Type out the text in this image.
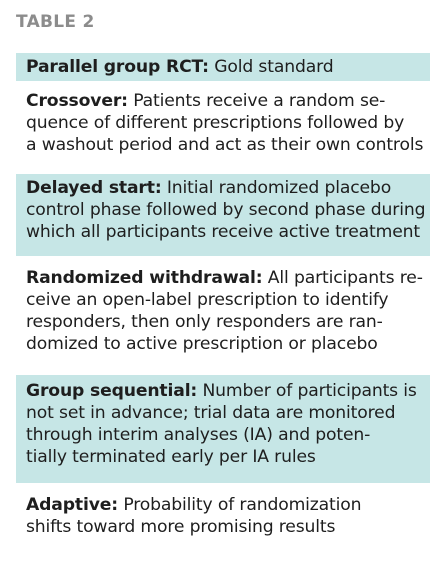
TABLE 2
Parallel group RCT: Gold standard
Crossover: Patients receive a random se-
quence of different prescriptions followed by
a washout period and act as their own controls
Delayed start: Initial randomized placebo
control phase followed by second phase during
which all participants receive active treatment
Randomized withdrawal: All participants re-
ceive an open-label prescription to identify
responders, then only responders are ran-
domized to active prescription or placebo
Group sequential: Number of participants is
not set in advance; trial data are monitored
through interim analyses (IA) and poten-
tially terminated early per IA rules
Adaptive: Probability of randomization
shifts toward more promising results
